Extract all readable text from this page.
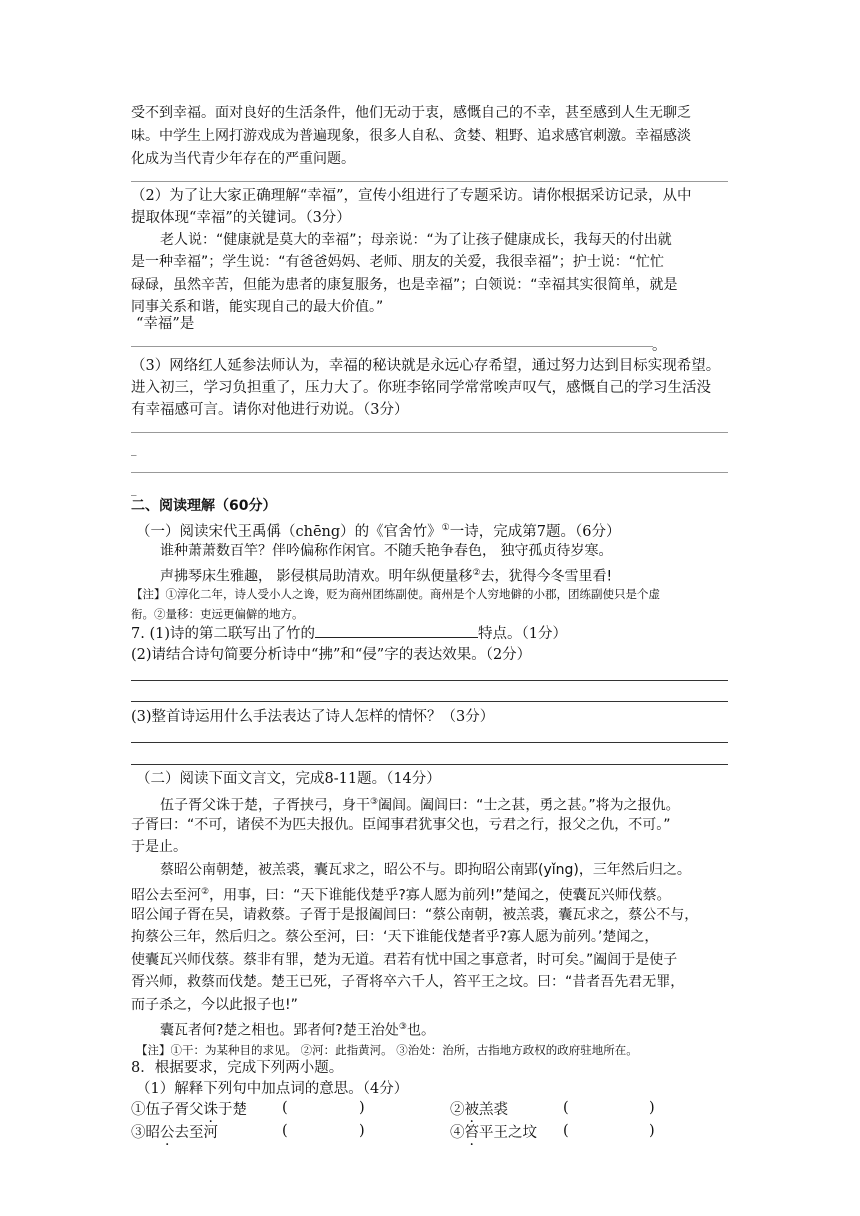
受不到幸福。面对良好的生活条件，他们无动于衷，感慨自己的不幸，甚至感到人生无聊乏
味。中学生上网打游戏成为普遍现象，很多人自私、贪婪、粗野、追求感官刺激。幸福感淡
化成为当代青少年存在的严重问题。
（2）为了让大家正确理解“幸福”，宣传小组进行了专题采访。请你根据采访记录，从中
提取体现“幸福”的关键词。（3分）
老人说：“健康就是莫大的幸福”；母亲说：“为了让孩子健康成长，我每天的付出就
是一种幸福”；学生说：“有爸爸妈妈、老师、朋友的关爱，我很幸福”；护士说：“忙忙
碌碌，虽然辛苦，但能为患者的康复服务，也是幸福”；白领说：“幸福其实很简单，就是
同事关系和谐，能实现自己的最大价值。”
“幸福”是
。
（3）网络红人延参法师认为，幸福的秘诀就是永远心存希望，通过努力达到目标实现希望。
进入初三，学习负担重了，压力大了。你班李铭同学常常唉声叹气，感慨自己的学习生活没
有幸福感可言。请你对他进行劝说。（3分）
_
_
二、阅读理解（60分）
（一）阅读宋代王禹偁（chēng）的《官舍竹》①一诗，完成第7题。（6分）
谁种萧萧数百竿？伴吟偏称作闲官。不随夭艳争春色， 独守孤贞待岁寒。
声拂琴床生雅趣， 影侵棋局助清欢。明年纵便量移②去，犹得今冬雪里看!
【注】①淳化二年，诗人受小人之谗，贬为商州团练副使。商州是个人穷地僻的小郡，团练副使只是个虚
衔。②量移：吏远更偏僻的地方。
7. (1)诗的第二联写出了竹的	特点。（1分）
(2)请结合诗句简要分析诗中“拂”和“侵”字的表达效果。（2分）
(3)整首诗运用什么手法表达了诗人怎样的情怀？（3分）
（二）阅读下面文言文，完成8-11题。（14分）
伍子胥父诛于楚，子胥挟弓，身干③阖闾。阖闾曰：“士之甚，勇之甚。”将为之报仇。
子胥曰：“不可，诸侯不为匹夫报仇。臣闻事君犹事父也，亏君之行，报父之仇，不可。”
于是止。
蔡昭公南朝楚，被羔裘，囊瓦求之，昭公不与。即拘昭公南郢(yǐng)，三年然后归之。
昭公去至河②，用事，曰：“天下谁能伐楚乎?寡人愿为前列!”楚闻之，使囊瓦兴师伐蔡。
昭公闻子胥在吴，请救蔡。子胥于是报阖闾曰：“蔡公南朝，被羔裘，囊瓦求之，蔡公不与，
拘蔡公三年，然后归之。蔡公至河，曰：‘天下谁能伐楚者乎?寡人愿为前列。’楚闻之，
使囊瓦兴师伐蔡。蔡非有罪，楚为无道。君若有忧中国之事意者，时可矣。”阖闾于是使子
胥兴师，救蔡而伐楚。楚王已死，子胥将卒六千人，笞平王之坟。曰：“昔者吾先君无罪，
而子杀之，今以此报子也!”
囊瓦者何?楚之相也。郢者何?楚王治处③也。
【注】①干：为某种目的求见。 ②河：此指黄河。 ③治处：治所，古指地方政权的政府驻地所在。
8．根据要求，完成下列两小题。
（1）解释下列句中加点词的意思。（4分）
①伍子胥父诛于楚 (	)	②被羔裘	(	)
③昭公去至河	(	)	④笞平王之坟 (	)
